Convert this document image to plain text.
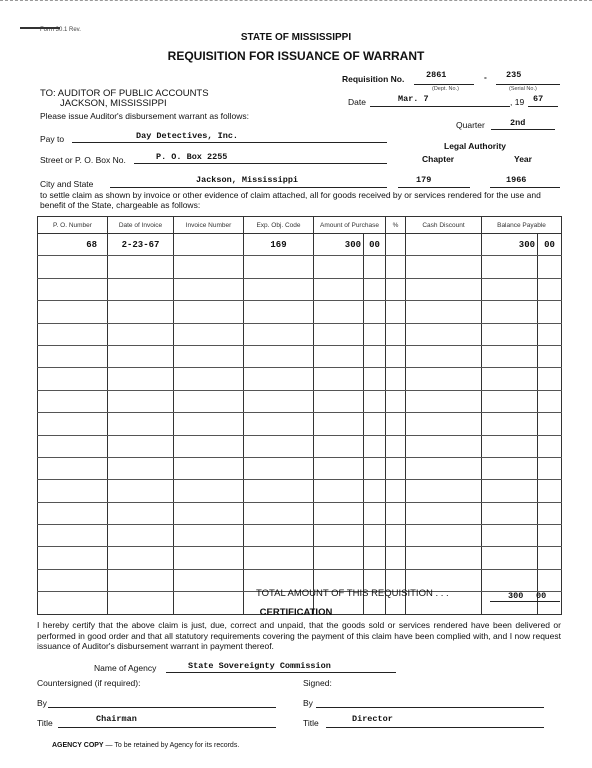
Form 30.1 Rev.
STATE OF MISSISSIPPI
REQUISITION FOR ISSUANCE OF WARRANT
Requisition No.	2861
(Dept. No.)
- 235
(Serial No.)
TO: AUDITOR OF PUBLIC ACCOUNTS
JACKSON, MISSISSIPPI
Please issue Auditor's disbursement warrant as follows:
Date	Mar. 7	, 19 67
Quarter	2nd
Pay to	Day Detectives, Inc.
Legal Authority
Chapter	Year
Street or P. O. Box No.	P. O. Box 2255
City and State	Jackson, Mississippi	179	1966
to settle claim as shown by invoice or other evidence of claim attached, all for goods received by or services rendered for the use and benefit of the State, chargeable as follows:
P. O. Number	Date of Invoice	Invoice Number	Exp. Obj. Code	Amount of Purchase		%	Cash Discount	Balance Payable	
68	2-23-67		169	300	00			300	00

TOTAL AMOUNT OF THIS REQUISITION . . .	300 00
CERTIFICATION
I hereby certify that the above claim is just, due, correct and unpaid, that the goods sold or services rendered have been delivered or performed in good order and that all statutory requirements covering the payment of this claim have been complied with, and I now request issuance of Auditor's disbursement warrant in payment thereof.
Name of Agency	State Sovereignty Commission
Countersigned (if required):	Signed:
By	By
Title	Chairman	Title	Director
AGENCY COPY — To be retained by Agency for its records.
